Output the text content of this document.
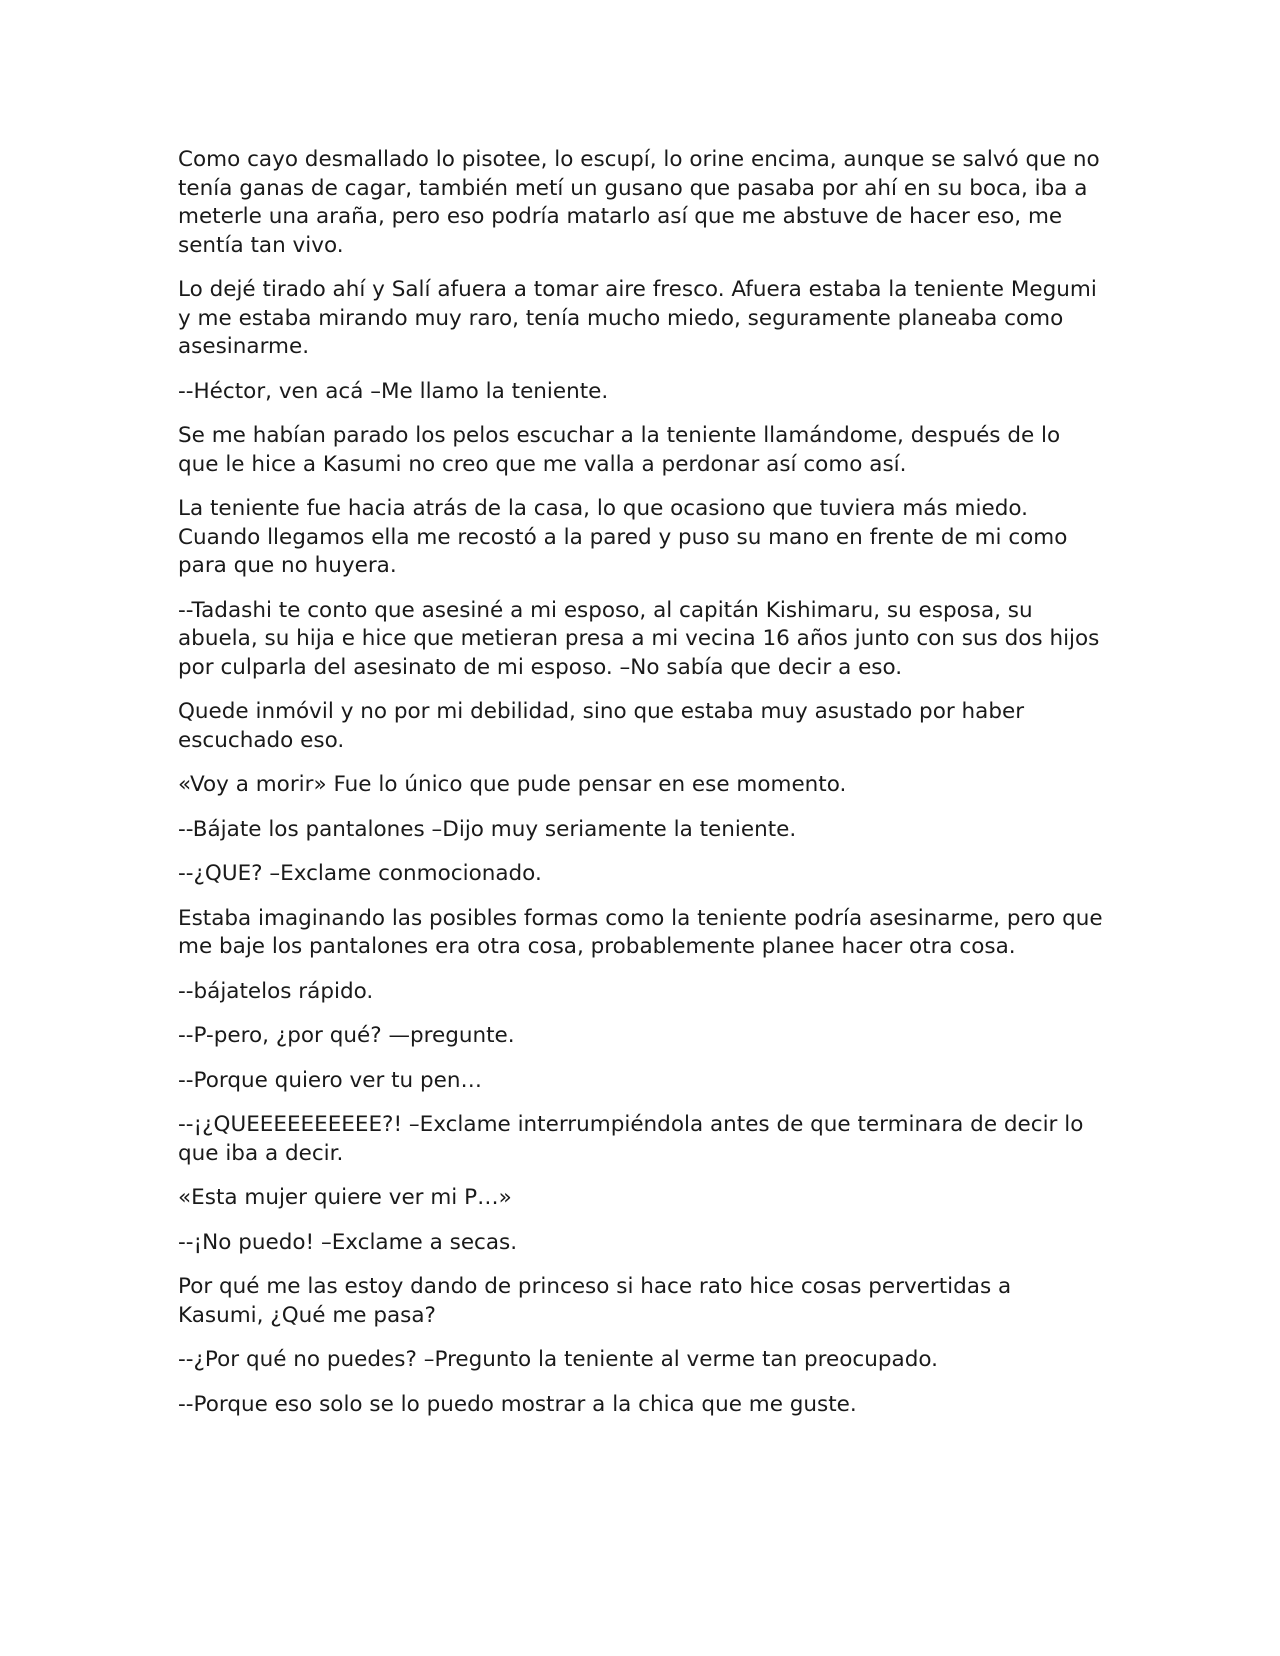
Como cayo desmallado lo pisotee, lo escupí, lo orine encima, aunque se salvó que no tenía ganas de cagar, también metí un gusano que pasaba por ahí en su boca, iba a meterle una araña, pero eso podría matarlo así que me abstuve de hacer eso, me sentía tan vivo.

Lo dejé tirado ahí y Salí afuera a tomar aire fresco. Afuera estaba la teniente Megumi y me estaba mirando muy raro, tenía mucho miedo, seguramente planeaba como asesinarme.

--Héctor, ven acá –Me llamo la teniente.

Se me habían parado los pelos escuchar a la teniente llamándome, después de lo que le hice a Kasumi no creo que me valla a perdonar así como así.

La teniente fue hacia atrás de la casa, lo que ocasiono que tuviera más miedo. Cuando llegamos ella me recostó a la pared y puso su mano en frente de mi como para que no huyera.

--Tadashi te conto que asesiné a mi esposo, al capitán Kishimaru, su esposa, su abuela, su hija e hice que metieran presa a mi vecina 16 años junto con sus dos hijos por culparla del asesinato de mi esposo. –No sabía que decir a eso.

Quede inmóvil y no por mi debilidad, sino que estaba muy asustado por haber escuchado eso.

«Voy a morir» Fue lo único que pude pensar en ese momento.

--Bájate los pantalones –Dijo muy seriamente la teniente.

--¿QUE? –Exclame conmocionado.

Estaba imaginando las posibles formas como la teniente podría asesinarme, pero que me baje los pantalones era otra cosa, probablemente planee hacer otra cosa.

--bájatelos rápido.

--P-pero, ¿por qué? —pregunte.

--Porque quiero ver tu pen…

--¡¿QUEEEEEEEEEE?! –Exclame interrumpiéndola antes de que terminara de decir lo que iba a decir.

«Esta mujer quiere ver mi P…»

--¡No puedo! –Exclame a secas.

Por qué me las estoy dando de princeso si hace rato hice cosas pervertidas a Kasumi, ¿Qué me pasa?

--¿Por qué no puedes? –Pregunto la teniente al verme tan preocupado.

--Porque eso solo se lo puedo mostrar a la chica que me guste.
